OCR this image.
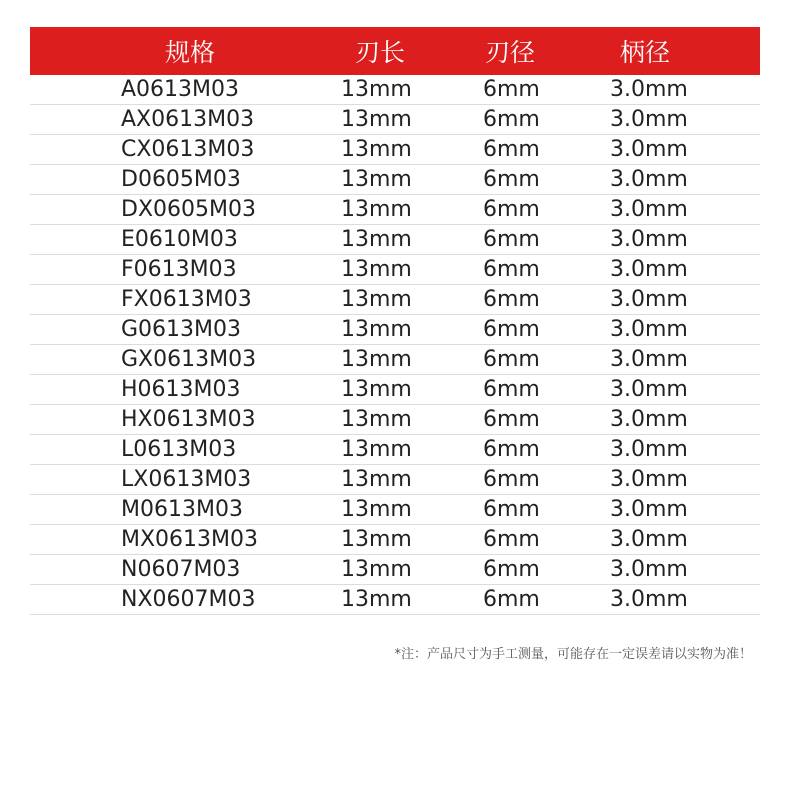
规格	刃长	刃径	柄径
A0613M03	13mm	6mm	3.0mm
AX0613M03	13mm	6mm	3.0mm
CX0613M03	13mm	6mm	3.0mm
D0605M03	13mm	6mm	3.0mm
DX0605M03	13mm	6mm	3.0mm
E0610M03	13mm	6mm	3.0mm
F0613M03	13mm	6mm	3.0mm
FX0613M03	13mm	6mm	3.0mm
G0613M03	13mm	6mm	3.0mm
GX0613M03	13mm	6mm	3.0mm
H0613M03	13mm	6mm	3.0mm
HX0613M03	13mm	6mm	3.0mm
L0613M03	13mm	6mm	3.0mm
LX0613M03	13mm	6mm	3.0mm
M0613M03	13mm	6mm	3.0mm
MX0613M03	13mm	6mm	3.0mm
N0607M03	13mm	6mm	3.0mm
NX0607M03	13mm	6mm	3.0mm
*注：产品尺寸为手工测量，可能存在一定误差请以实物为准！
